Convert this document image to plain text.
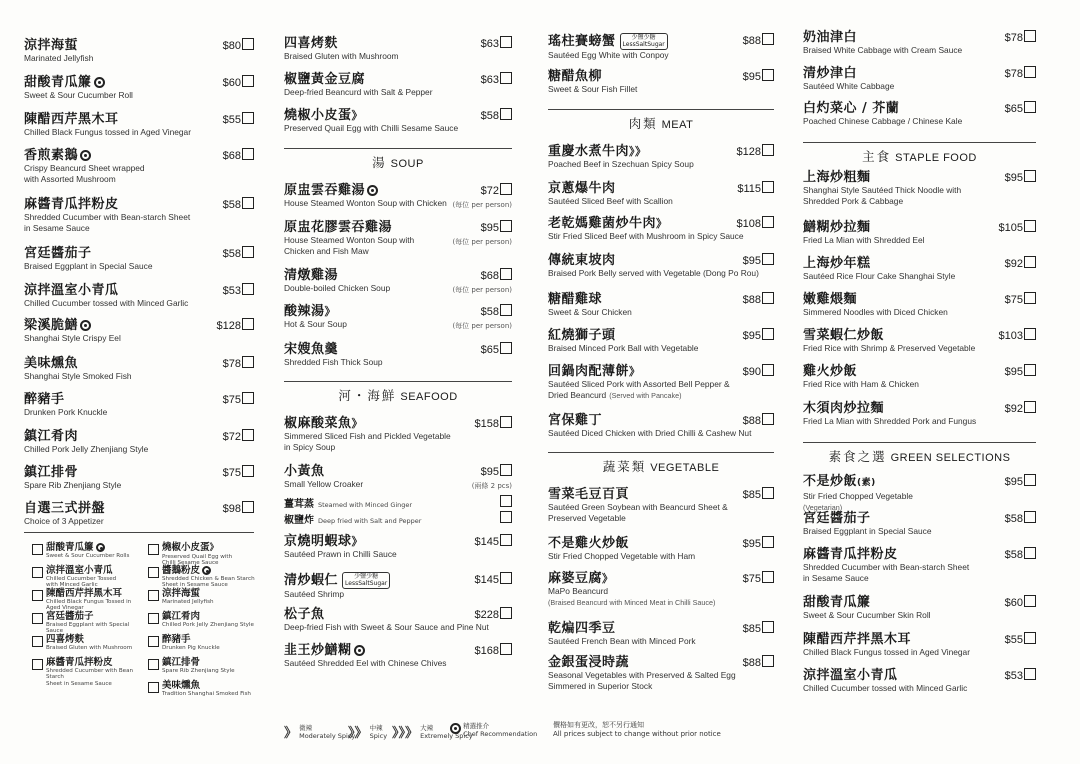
涼拌海蜇
Marinated Jellyfish
$80
甜酸青瓜簾
Sweet & Sour Cucumber Roll
$60
陳醋西芹黑木耳
Chilled Black Fungus tossed in Aged Vinegar
$55
香煎素鵝
Crispy Beancurd Sheet wrapped
with Assorted Mushroom
$68
麻醬青瓜拌粉皮
Shredded Cucumber with Bean-starch Sheet
in Sesame Sauce
$58
宮廷醬茄子
Braised Eggplant in Special Sauce
$58
涼拌溫室小青瓜
Chilled Cucumber tossed with Minced Garlic
$53
梁溪脆鱔
Shanghai Style Crispy Eel
$128
美味燻魚
Shanghai Style Smoked Fish
$78
醉豬手
Drunken Pork Knuckle
$75
鎮江肴肉
Chilled Pork Jelly Zhenjiang Style
$72
鎮江排骨
Spare Rib Zhenjiang Style
$75
自選三式拼盤
Choice of 3 Appetizer
$98
甜酸青瓜簾
Sweet & Sour Cucumber Rolls
燒椒小皮蛋》
Preserved Quail Egg with
Chilli Sesame Sauce
涼拌溫室小青瓜
Chilled Cucumber Tossed
with Minced Garlic
醬鵝粉皮
Shredded Chicken & Bean Starch
Sheet in Sesame Sauce
陳醋西芹拌黑木耳
Chilled Black Fungus Tossed in
Aged Vinegar
涼拌海蜇
Marinated Jellyfish
宮廷醬茄子
Braised Eggplant with Special Sauce
鎮江肴肉
Chilled Pork Jelly Zhenjiang Style
四喜烤麩
Braised Gluten with Mushroom
醉豬手
Drunken Pig Knuckle
麻醬青瓜拌粉皮
Shredded Cucumber with Bean Starch
Sheet in Sesame Sauce
鎮江排骨
Spare Rib Zhenjiang Style
美味燻魚
Tradition Shanghai Smoked Fish
四喜烤麩
Braised Gluten with Mushroom
$63
椒鹽黃金豆腐
Deep-fried Beancurd with Salt & Pepper
$63
燒椒小皮蛋》
Preserved Quail Egg with Chilli Sesame Sauce
$58
湯 SOUP
原盅雲吞雞湯
House Steamed Wonton Soup with Chicken
$72
(每位 per person)
原盅花膠雲吞雞湯
House Steamed Wonton Soup with
Chicken and Fish Maw
$95
(每位 per person)
清燉雞湯
Double-boiled Chicken Soup
$68
(每位 per person)
酸辣湯》
Hot & Sour Soup
$58
(每位 per person)
宋嫂魚羹
Shredded Fish Thick Soup
$65
河・海鮮 SEAFOOD
椒麻酸菜魚》
Simmered Sliced Fish and Pickled Vegetable
in Spicy Soup
$158
小黃魚
Small Yellow Croaker
$95
(兩條 2 pcs)
京燒明蝦球》
Sautéed Prawn in Chilli Sauce
$145
清炒蝦仁	少鹽少糖
LessSaltSugar
Sautéed Shrimp
$145
松子魚
Deep-fried Fish with Sweet & Sour Sauce and Pine Nut
$228
韭王炒鱔糊
Sautéed Shredded Eel with Chinese Chives
$168
薑茸蒸 Steamed with Minced Ginger
椒鹽炸 Deep fried with Salt and Pepper
瑤柱賽螃蟹	少鹽少糖
LessSaltSugar
Sautéed Egg White with Conpoy
$88
糖醋魚柳
Sweet & Sour Fish Fillet
$95
肉類 MEAT
重慶水煮牛肉》》
Poached Beef in Szechuan Spicy Soup
$128
京蔥爆牛肉
Sautéed Sliced Beef with Scallion
$115
老乾媽雞菌炒牛肉》
Stir Fried Sliced Beef with Mushroom in Spicy Sauce
$108
傳統東坡肉
Braised Pork Belly served with Vegetable (Dong Po Rou)
$95
糖醋雞球
Sweet & Sour Chicken
$88
紅燒獅子頭
Braised Minced Pork Ball with Vegetable
$95
回鍋肉配薄餅》
Sautéed Sliced Pork with Assorted Bell Pepper &
Dried Beancurd (Served with Pancake)
$90
宮保雞丁
Sautéed Diced Chicken with Dried Chilli & Cashew Nut
$88
蔬菜類 VEGETABLE
雪菜毛豆百頁
Sautéed Green Soybean with Beancurd Sheet &
Preserved Vegetable
$85
不是雞火炒飯
Stir Fried Chopped Vegetable with Ham
$95
麻婆豆腐》
MaPo Beancurd
(Braised Beancurd with Minced Meat in Chilli Sauce)
$75
乾煸四季豆
Sautéed French Bean with Minced Pork
$85
金銀蛋浸時蔬
Seasonal Vegetables with Preserved & Salted Egg
Simmered in Superior Stock
$88
奶油津白
Braised White Cabbage with Cream Sauce
$78
清炒津白
Sautéed White Cabbage
$78
白灼菜心 / 芥蘭
Poached Chinese Cabbage / Chinese Kale
$65
主食 STAPLE FOOD
上海炒粗麵
Shanghai Style Sautéed Thick Noodle with
Shredded Pork & Cabbage
$95
鱔糊炒拉麵
Fried La Mian with Shredded Eel
$105
上海炒年糕
Sautéed Rice Flour Cake Shanghai Style
$92
嫩雞煨麵
Simmered Noodles with Diced Chicken
$75
雪菜蝦仁炒飯
Fried Rice with Shrimp & Preserved Vegetable
$103
雞火炒飯
Fried Rice with Ham & Chicken
$95
木須肉炒拉麵
Fried La Mian with Shredded Pork and Fungus
$92
素食之選 GREEN SELECTIONS
不是炒飯(素)
Stir Fried Chopped Vegetable
(Vegetarian)
$95
宮廷醬茄子
Braised Eggplant in Special Sauce
$58
麻醬青瓜拌粉皮
Shredded Cucumber with Bean-starch Sheet
in Sesame Sauce
$58
甜酸青瓜簾
Sweet & Sour Cucumber Skin Roll
$60
陳醋西芹拌黑木耳
Chilled Black Fungus tossed in Aged Vinegar
$55
涼拌溫室小青瓜
Chilled Cucumber tossed with Minced Garlic
$53
》 微辣
Moderately Spicy
》》 中辣
Spicy 》》》 大辣
Extremely Spicy
精選推介
Chef Recommendation
價格如有更改，恕不另行通知
All prices subject to change without prior notice
